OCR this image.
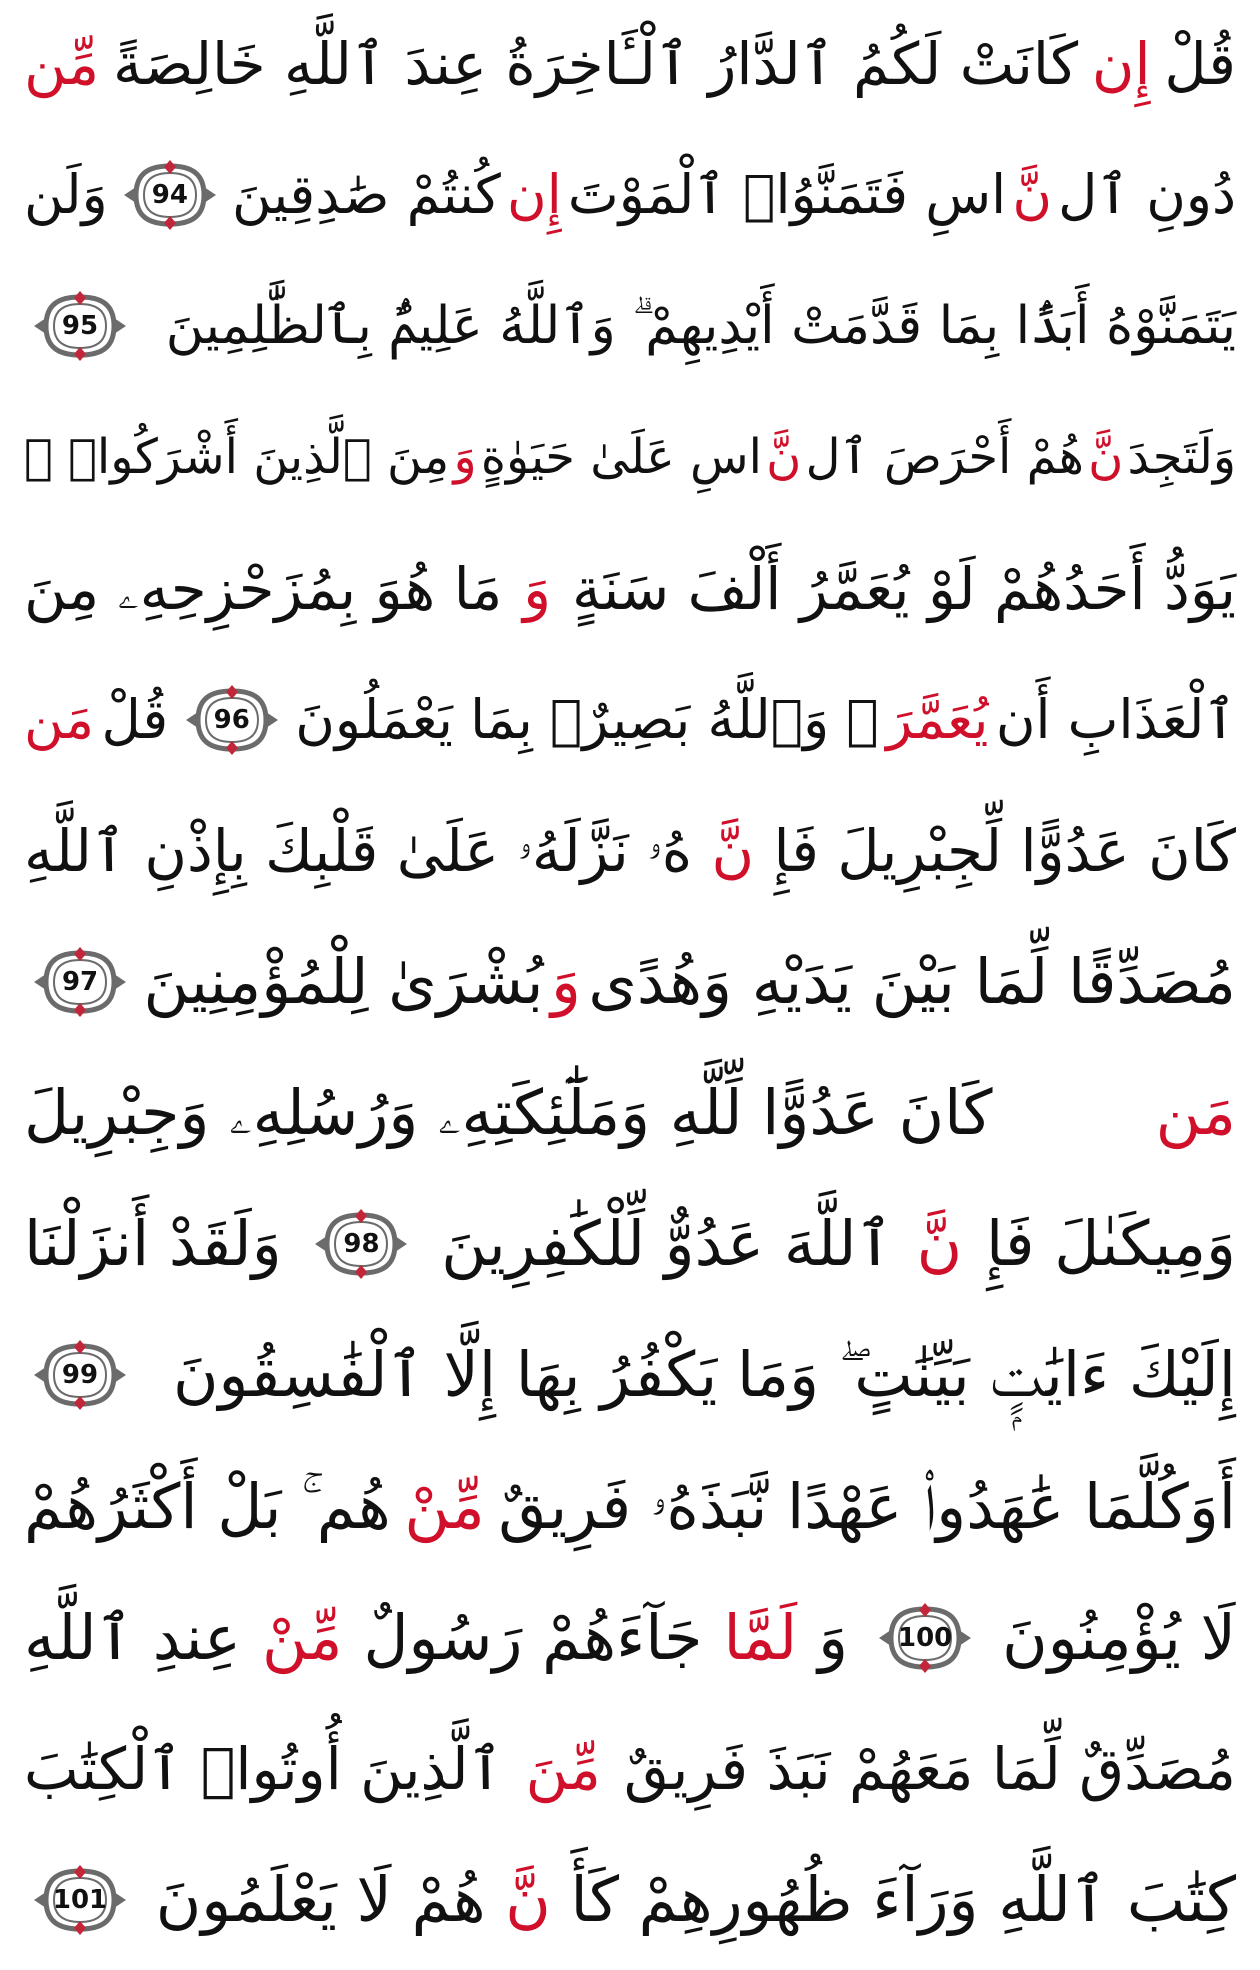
قُلْ
إِن
كَانَتْ لَكُمُ ٱلدَّارُ ٱلْـَٔاخِرَةُ عِندَ ٱللَّهِ خَالِصَةً
مِّن
دُونِ ٱل
نَّ
اسِ فَتَمَنَّوُا۟ ٱلْمَوْتَ
إِن
كُنتُمْ صَٰدِقِينَ
94
وَلَن
يَتَمَنَّوْهُ أَبَدًۢا بِمَا قَدَّمَتْ أَيْدِيهِمْ ۗ وَٱللَّهُ عَلِيمٌۢ بِٱلظَّٰلِمِينَ
95
وَلَتَجِدَ
نَّ
هُمْ أَحْرَصَ ٱل
نَّ
اسِ عَلَىٰ حَيَوٰةٍ
وَ
مِنَ ٱلَّذِينَ أَشْرَكُوا۟ ۚ
يَوَدُّ أَحَدُهُمْ لَوْ يُعَمَّرُ أَلْفَ سَنَةٍ
وَ
مَا هُوَ بِمُزَحْزِحِهِۦ مِنَ
ٱلْعَذَابِ أَن
يُعَمَّرَ
ۗ وَٱللَّهُ بَصِيرٌۢ بِمَا يَعْمَلُونَ
96
قُلْ
مَن
كَانَ عَدُوًّا لِّجِبْرِيلَ فَإِ
نَّ
هُۥ نَزَّلَهُۥ عَلَىٰ قَلْبِكَ بِإِذْنِ ٱللَّهِ
مُصَدِّقًا لِّمَا بَيْنَ يَدَيْهِ وَهُدًى
وَ
بُشْرَىٰ لِلْمُؤْمِنِينَ
97
مَن
كَانَ عَدُوًّا لِّلَّهِ وَمَلَٰٓئِكَتِهِۦ وَرُسُلِهِۦ وَجِبْرِيلَ
وَمِيكَىٰلَ فَإِ
نَّ
ٱللَّهَ عَدُوٌّ لِّلْكَٰفِرِينَ
98
وَلَقَدْ أَنزَلْنَا
إِلَيْكَ ءَايَٰتٍۭ بَيِّنَٰتٍ ۖ وَمَا يَكْفُرُ بِهَا إِلَّا ٱلْفَٰسِقُونَ
99
أَوَكُلَّمَا عَٰهَدُوا۟ عَهْدًا نَّبَذَهُۥ فَرِيقٌ
مِّنْ
هُم ۚ بَلْ أَكْثَرُهُمْ
لَا يُؤْمِنُونَ
100
وَ
لَمَّا
جَآءَهُمْ رَسُولٌ
مِّنْ
عِندِ ٱللَّهِ
مُصَدِّقٌ لِّمَا مَعَهُمْ نَبَذَ فَرِيقٌ
مِّنَ
ٱلَّذِينَ أُوتُوا۟ ٱلْكِتَٰبَ
كِتَٰبَ ٱللَّهِ وَرَآءَ ظُهُورِهِمْ كَأَ
نَّ
هُمْ لَا يَعْلَمُونَ
101
